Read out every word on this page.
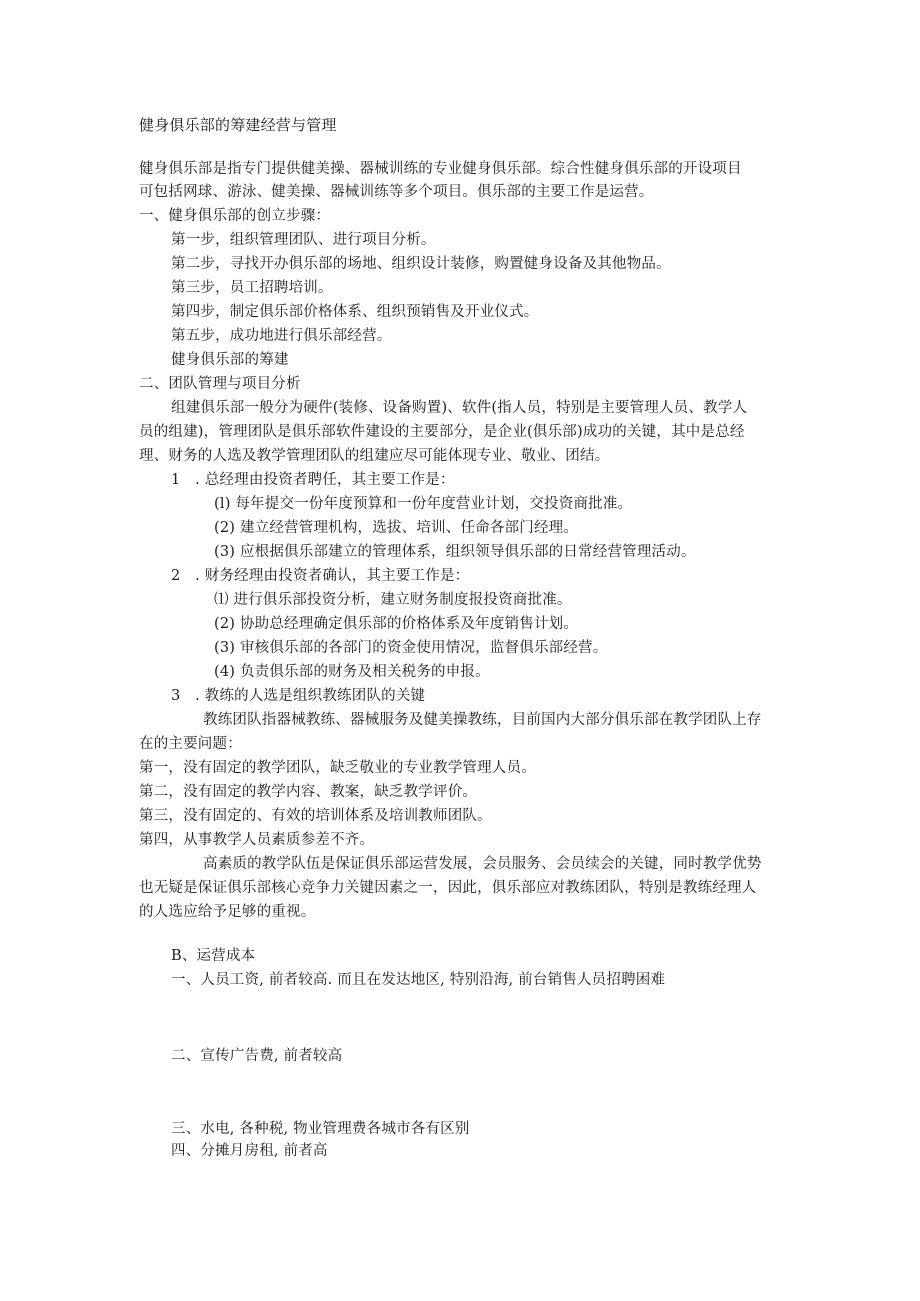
健身俱乐部的筹建经营与管理
健身俱乐部是指专门提供健美操、器械训练的专业健身俱乐部。综合性健身俱乐部的开设项目
可包括网球、游泳、健美操、器械训练等多个项目。俱乐部的主要工作是运营。
一、健身俱乐部的创立步骤：
第一步，组织管理团队、进行项目分析。
第二步，寻找开办俱乐部的场地、组织设计装修，购置健身设备及其他物品。
第三步，员工招聘培训。
第四步，制定俱乐部价格体系、组织预销售及开业仪式。
第五步，成功地进行俱乐部经营。
健身俱乐部的筹建
二、团队管理与项目分析
组建俱乐部一般分为硬件(装修、设备购置)、软件(指人员，特别是主要管理人员、教学人
员的组建)，管理团队是俱乐部软件建设的主要部分，是企业(俱乐部)成功的关键，其中是总经
理、财务的人选及教学管理团队的组建应尽可能体现专业、敬业、团结。
1　. 总经理由投资者聘任，其主要工作是：
(l) 每年提交一份年度预算和一份年度营业计划，交投资商批准。
(2) 建立经营管理机构，选拔、培训、任命各部门经理。
(3) 应根据俱乐部建立的管理体系，组织领导俱乐部的日常经营管理活动。
2　. 财务经理由投资者确认，其主要工作是：
⑴ 进行俱乐部投资分析，建立财务制度报投资商批准。
(2) 协助总经理确定俱乐部的价格体系及年度销售计划。
(3) 审核俱乐部的各部门的资金使用情况，监督俱乐部经营。
(4) 负责俱乐部的财务及相关税务的申报。
3　. 教练的人选是组织教练团队的关键
教练团队指器械教练、器械服务及健美操教练，目前国内大部分俱乐部在教学团队上存
在的主要问题：
第一，没有固定的教学团队，缺乏敬业的专业教学管理人员。
第二，没有固定的教学内容、教案，缺乏教学评价。
第三，没有固定的、有效的培训体系及培训教师团队。
第四，从事教学人员素质参差不齐。
高素质的教学队伍是保证俱乐部运营发展，会员服务、会员续会的关键，同时教学优势
也无疑是保证俱乐部核心竞争力关键因素之一，因此，俱乐部应对教练团队，特别是教练经理人
的人选应给予足够的重视。
B、运营成本
一、人员工资, 前者较高. 而且在发达地区, 特别沿海, 前台销售人员招聘困难
二、宣传广告费, 前者较高
三、水电, 各种税, 物业管理费各城市各有区别
四、分摊月房租, 前者高
